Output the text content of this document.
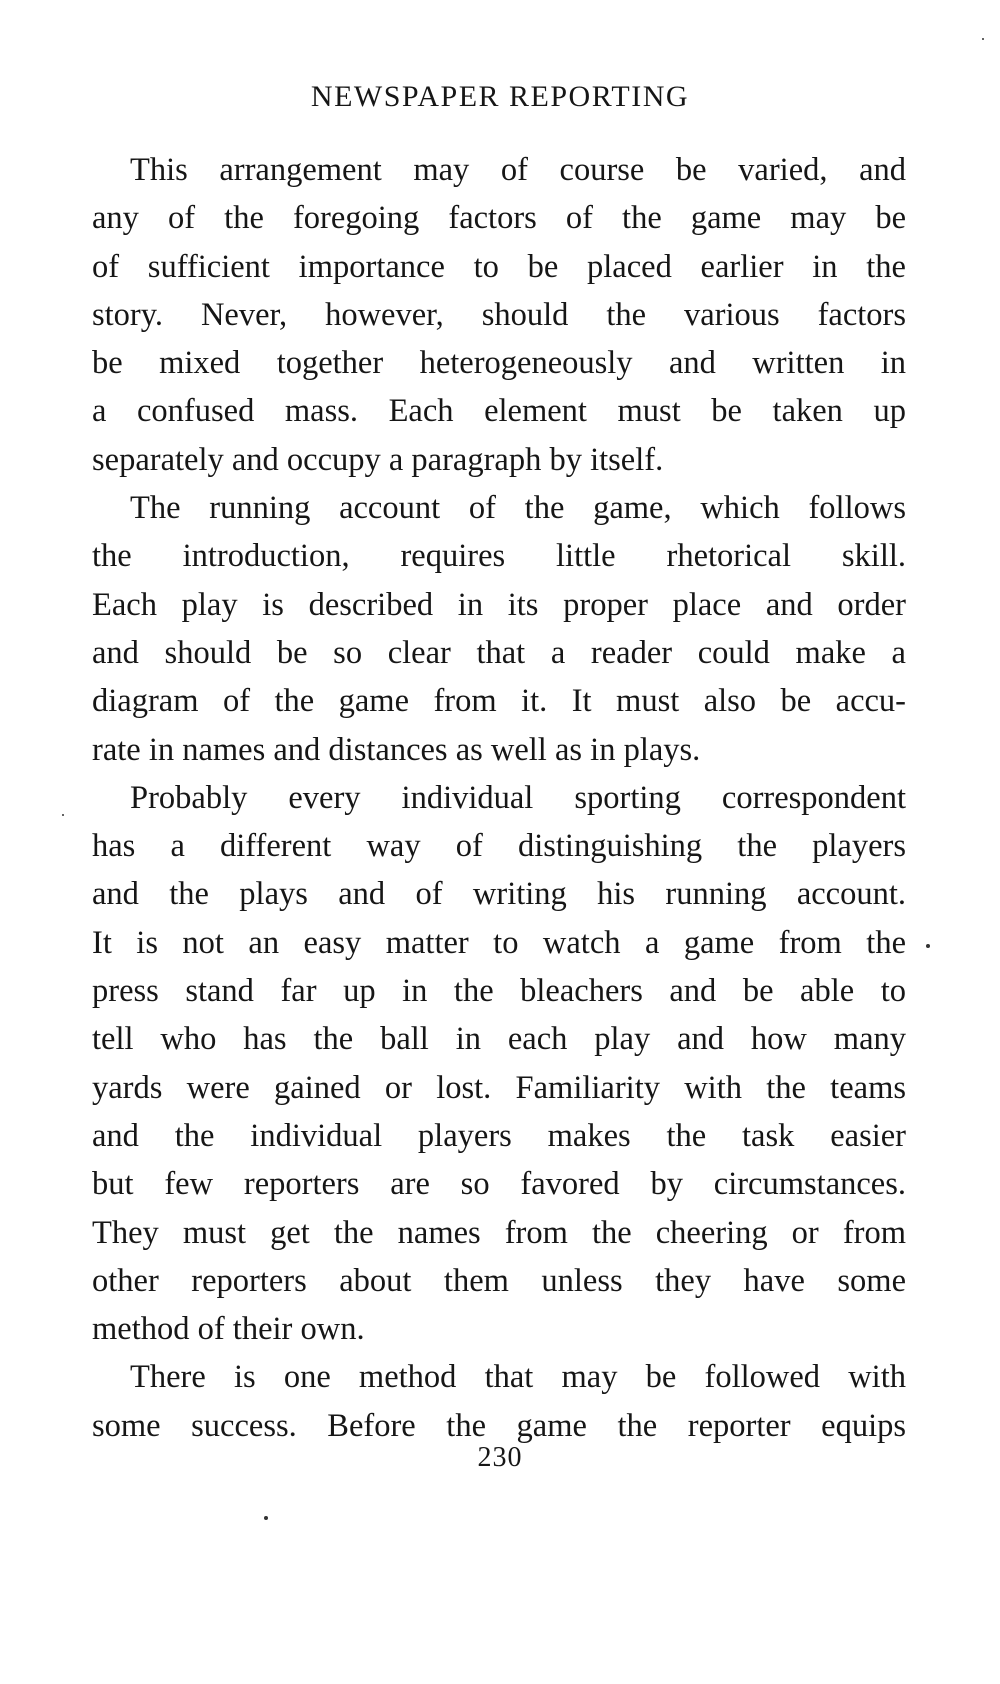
NEWSPAPER REPORTING

This arrangement may of course be varied, and
any of the foregoing factors of the game may be
of sufficient importance to be placed earlier in the
story. Never, however, should the various factors
be mixed together heterogeneously and written in
a confused mass. Each element must be taken up
separately and occupy a paragraph by itself.

The running account of the game, which follows
the introduction, requires little rhetorical skill.
Each play is described in its proper place and order
and should be so clear that a reader could make a
diagram of the game from it. It must also be accu-
rate in names and distances as well as in plays.

Probably every individual sporting correspondent
has a different way of distinguishing the players
and the plays and of writing his running account.
It is not an easy matter to watch a game from the
press stand far up in the bleachers and be able to
tell who has the ball in each play and how many
yards were gained or lost. Familiarity with the teams
and the individual players makes the task easier
but few reporters are so favored by circumstances.
They must get the names from the cheering or from
other reporters about them unless they have some
method of their own.

There is one method that may be followed with
some success. Before the game the reporter equips

230
